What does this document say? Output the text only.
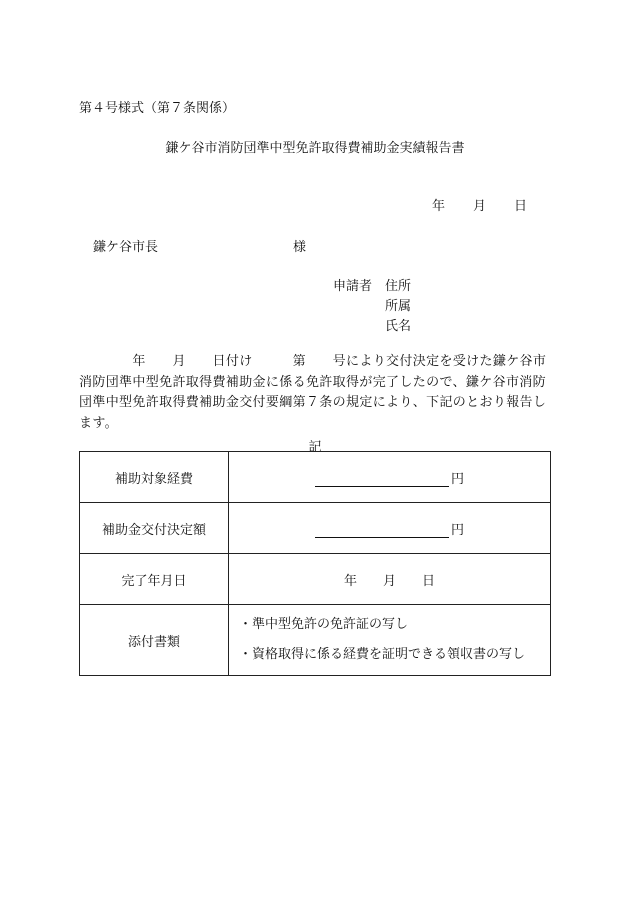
第４号様式（第７条関係）
鎌ケ谷市消防団準中型免許取得費補助金実績報告書
年 月 日
鎌ケ谷市長	様
申請者 住所
所属
氏名
　　　　年　　月　　日付け　　　第　　号により交付決定を受けた鎌ケ谷市
消防団準中型免許取得費補助金に係る免許取得が完了したので、鎌ケ谷市消防
団準中型免許取得費補助金交付要綱第７条の規定により、下記のとおり報告し
ます。
記
補助対象経費	円
補助金交付決定額	円
完了年月日	年 月 日
添付書類	・準中型免許の免許証の写し
・資格取得に係る経費を証明できる領収書の写し
